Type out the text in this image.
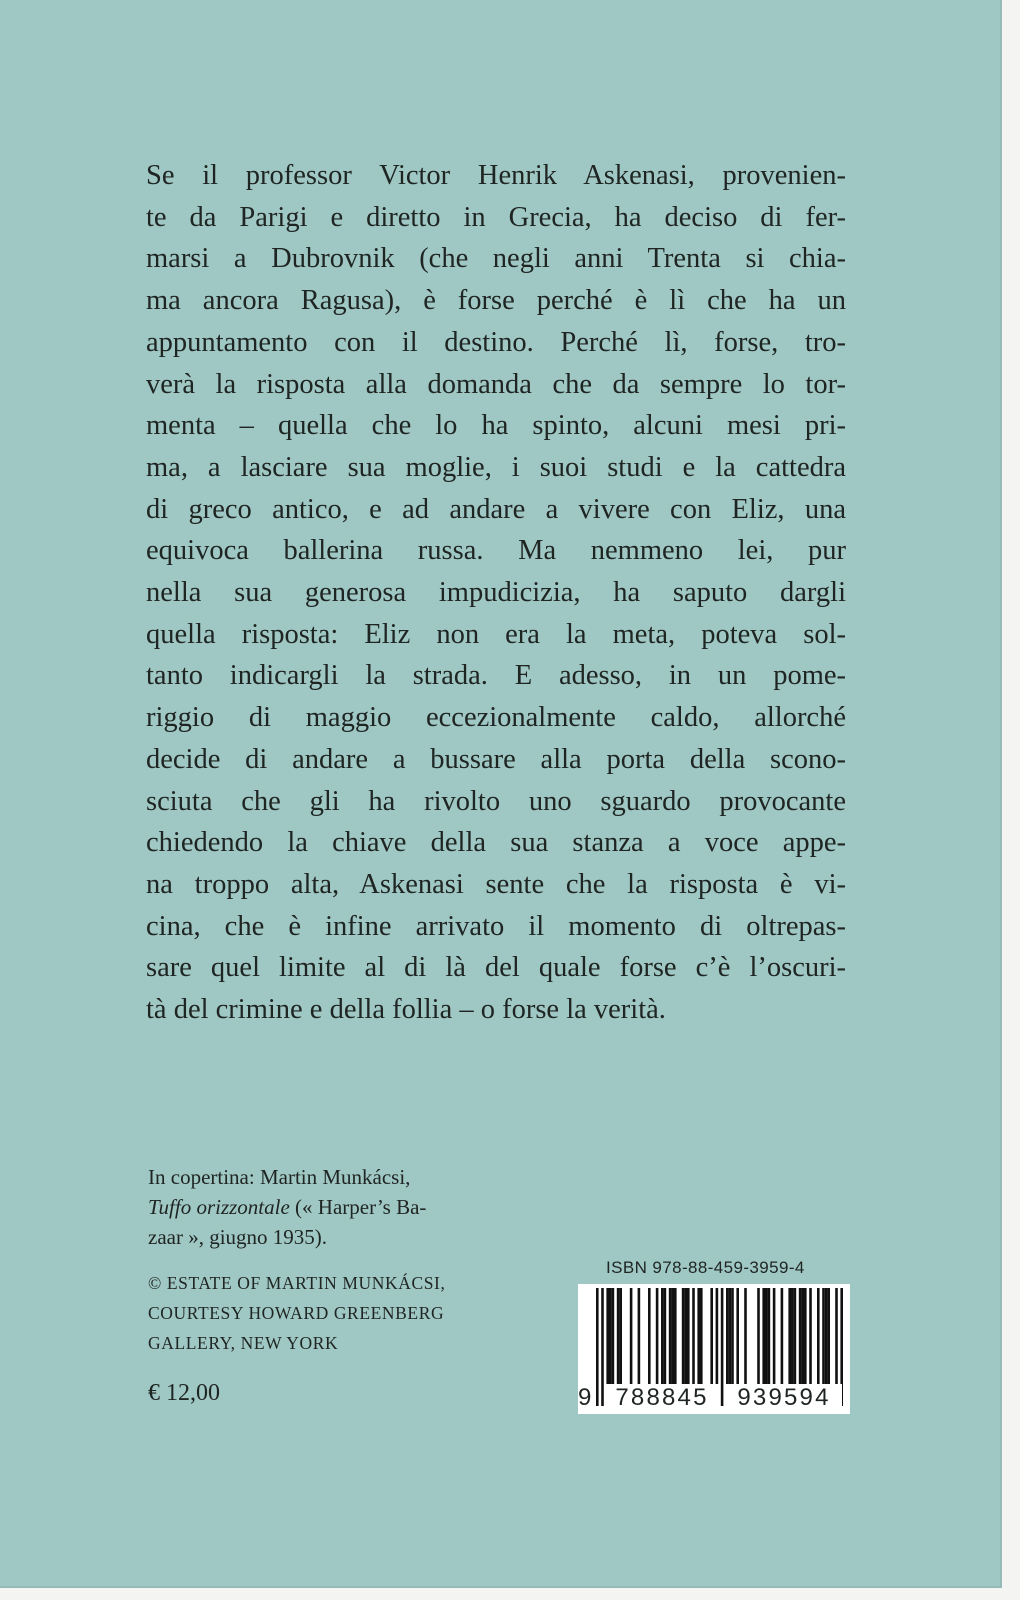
Se il professor Victor Henrik Askenasi, provenien-
te da Parigi e diretto in Grecia, ha deciso di fer-
marsi a Dubrovnik (che negli anni Trenta si chia-
ma ancora Ragusa), è forse perché è lì che ha un
appuntamento con il destino. Perché lì, forse, tro-
verà la risposta alla domanda che da sempre lo tor-
menta – quella che lo ha spinto, alcuni mesi pri-
ma, a lasciare sua moglie, i suoi studi e la cattedra
di greco antico, e ad andare a vivere con Eliz, una
equivoca ballerina russa. Ma nemmeno lei, pur
nella sua generosa impudicizia, ha saputo dargli
quella risposta: Eliz non era la meta, poteva sol-
tanto indicargli la strada. E adesso, in un pome-
riggio di maggio eccezionalmente caldo, allorché
decide di andare a bussare alla porta della scono-
sciuta che gli ha rivolto uno sguardo provocante
chiedendo la chiave della sua stanza a voce appe-
na troppo alta, Askenasi sente che la risposta è vi-
cina, che è infine arrivato il momento di oltrepas-
sare quel limite al di là del quale forse c’è l’oscuri-
tà del crimine e della follia – o forse la verità.

In copertina: Martin Munkácsi,
Tuffo orizzontale (« Harper’s Ba-
zaar », giugno 1935).
© ESTATE OF MARTIN MUNKÁCSI,
COURTESY HOWARD GREENBERG
GALLERY, NEW YORK
€ 12,00
ISBN 978-88-459-3959-4
9 788845	939594
